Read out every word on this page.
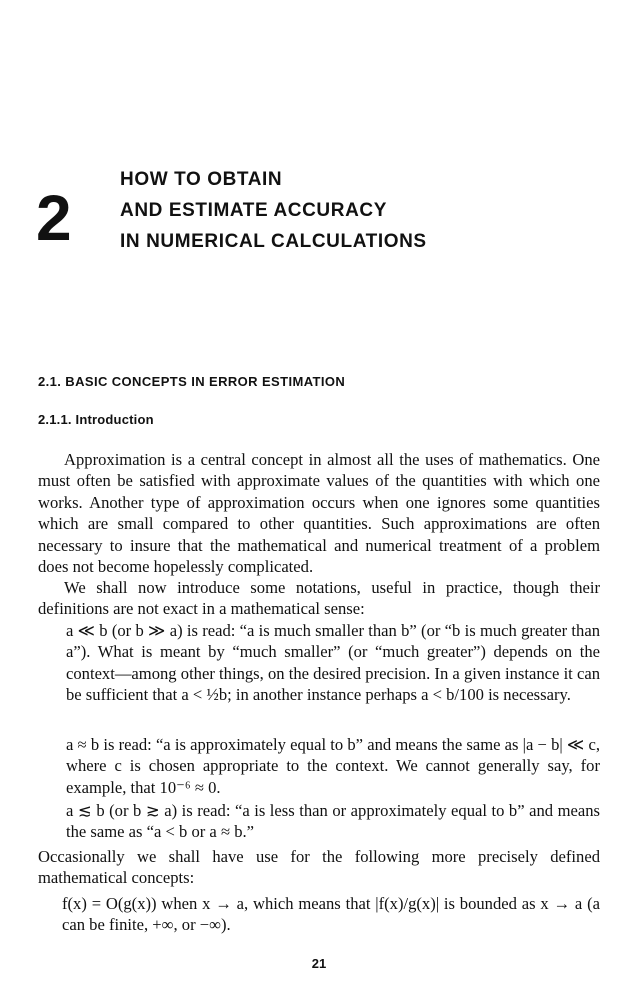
2
HOW TO OBTAIN
AND ESTIMATE ACCURACY
IN NUMERICAL CALCULATIONS
2.1. BASIC CONCEPTS IN ERROR ESTIMATION
2.1.1. Introduction

Approximation is a central concept in almost all the uses of mathematics. One must often be satisfied with approximate values of the quantities with which one works. Another type of approximation occurs when one ignores some quantities which are small compared to other quantities. Such approximations are often necessary to insure that the mathematical and numerical treatment of a problem does not become hopelessly complicated.

We shall now introduce some notations, useful in practice, though their definitions are not exact in a mathematical sense:

a ≪ b (or b ≫ a) is read: “a is much smaller than b” (or “b is much greater than a”). What is meant by “much smaller” (or “much greater”) depends on the context—among other things, on the desired precision. In a given instance it can be sufficient that a < ½b; in another instance perhaps a < b/100 is necessary.

a ≈ b is read: “a is approximately equal to b” and means the same as |a − b| ≪ c, where c is chosen appropriate to the context. We cannot generally say, for example, that 10⁻⁶ ≈ 0.

a ≲ b (or b ≳ a) is read: “a is less than or approximately equal to b” and means the same as “a < b or a ≈ b.”

Occasionally we shall have use for the following more precisely defined mathematical concepts:

f(x) = O(g(x)) when x → a, which means that |f(x)/g(x)| is bounded as x → a (a can be finite, +∞, or −∞).

21
